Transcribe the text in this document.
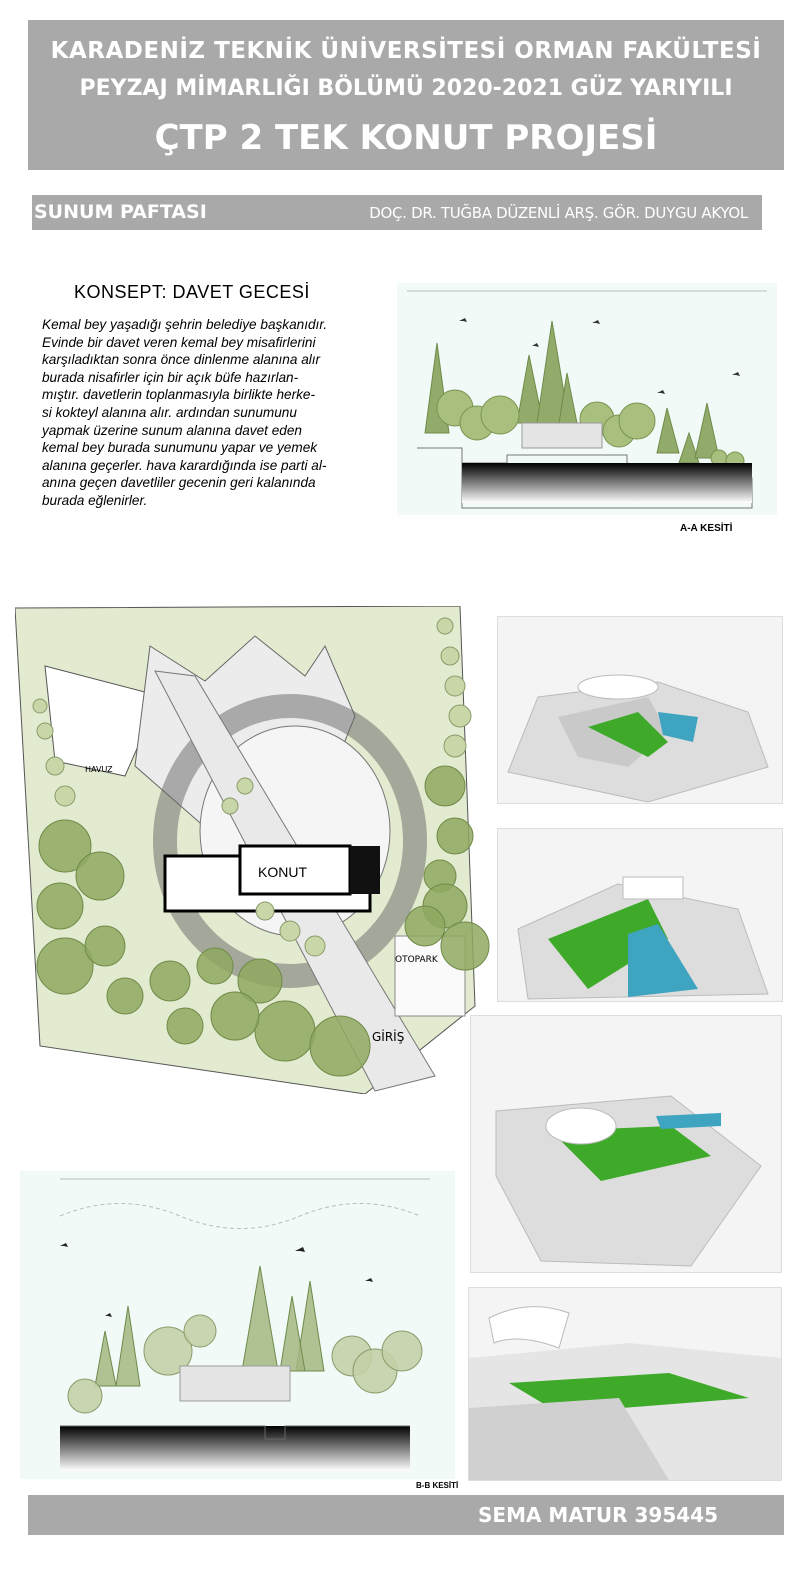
KARADENİZ TEKNİK ÜNİVERSİTESİ ORMAN FAKÜLTESİ
PEYZAJ MİMARLIĞI BÖLÜMÜ 2020-2021 GÜZ YARIYILI
ÇTP 2 TEK KONUT PROJESİ
SUNUM PAFTASI	DOÇ. DR. TUĞBA DÜZENLİ ARŞ. GÖR. DUYGU AKYOL
KONSEPT: DAVET GECESİ
Kemal bey yaşadığı şehrin belediye başkanıdır.
Evinde bir davet veren kemal bey misafirlerini
karşıladıktan sonra önce dinlenme alanına alır
burada nisafirler için bir açık büfe hazırlan-
mıştır. davetlerin toplanmasıyla birlikte herke-
si kokteyl alanına alır. ardından sunumunu
yapmak üzerine sunum alanına davet eden
kemal bey burada sunumunu yapar ve yemek
alanına geçerler. hava karardığında ise parti al-
anına geçen davetliler gecenin geri kalanında
burada eğlenirler.
A-A KESİTİ
KONUT
HAVUZ
OTOPARK
GİRİŞ
B-B KESİTİ
SEMA MATUR 395445
